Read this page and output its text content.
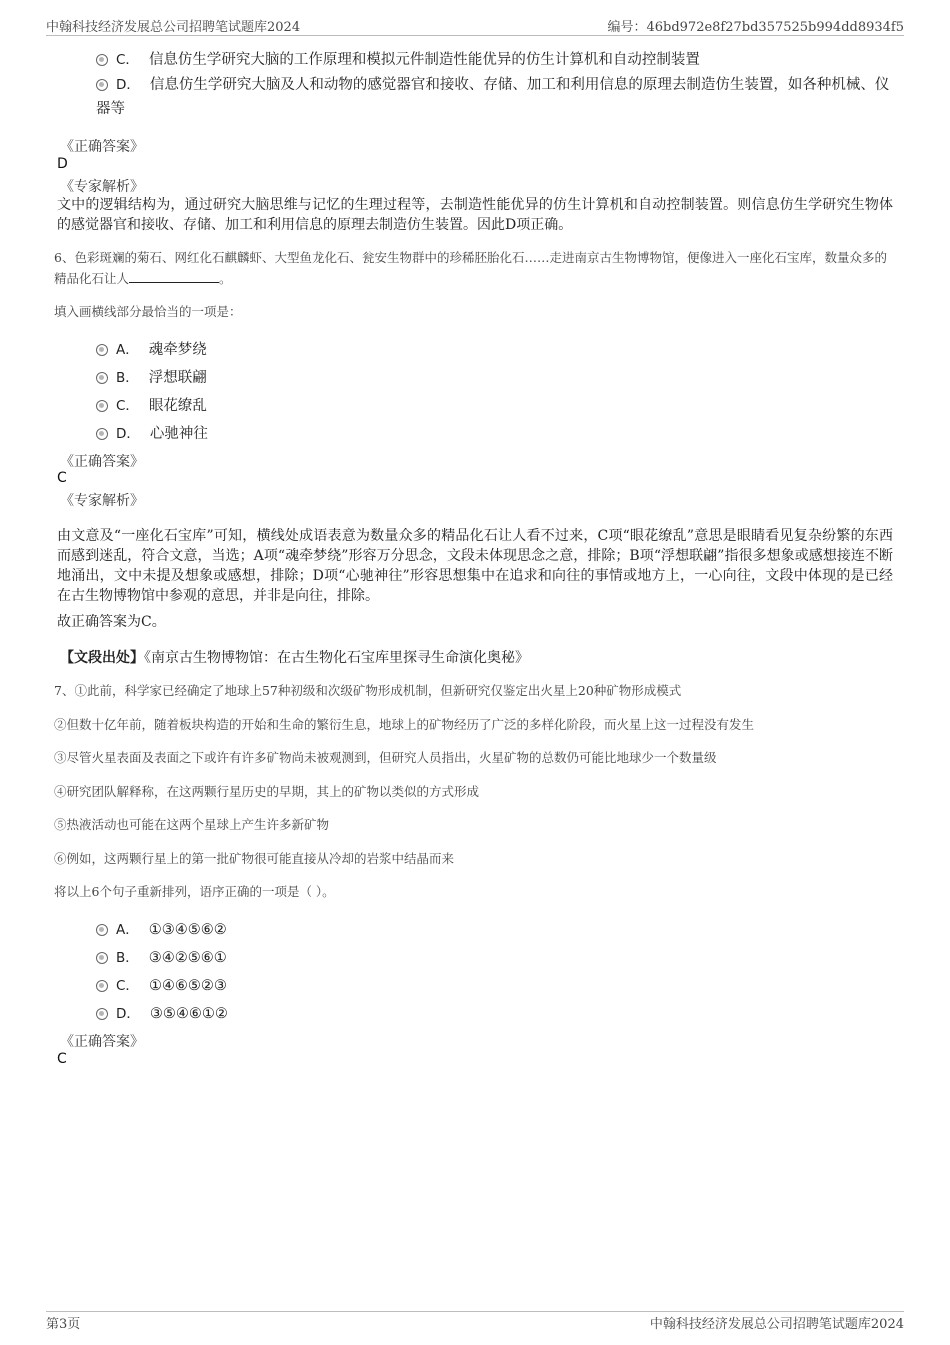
中翰科技经济发展总公司招聘笔试题库2024	编号：46bd972e8f27bd357525b994dd8934f5
C． 信息仿生学研究大脑的工作原理和模拟元件制造性能优异的仿生计算机和自动控制装置
D． 信息仿生学研究大脑及人和动物的感觉器官和接收、存储、加工和利用信息的原理去制造仿生装置，如各种机械、仪器等
《正确答案》
D
《专家解析》
文中的逻辑结构为，通过研究大脑思维与记忆的生理过程等，去制造性能优异的仿生计算机和自动控制装置。则信息仿生学研究生物体的感觉器官和接收、存储、加工和利用信息的原理去制造仿生装置。因此D项正确。
6、色彩斑斓的菊石、网红化石麒麟虾、大型鱼龙化石、瓮安生物群中的珍稀胚胎化石……走进南京古生物博物馆，便像进入一座化石宝库，数量众多的精品化石让人	。
填入画横线部分最恰当的一项是：
A． 魂牵梦绕
B． 浮想联翩
C． 眼花缭乱
D． 心驰神往
《正确答案》
C
《专家解析》
由文意及“一座化石宝库”可知，横线处成语表意为数量众多的精品化石让人看不过来，C项“眼花缭乱”意思是眼睛看见复杂纷繁的东西而感到迷乱，符合文意，当选；A项“魂牵梦绕”形容万分思念，文段未体现思念之意，排除；B项“浮想联翩”指很多想象或感想接连不断地涌出，文中未提及想象或感想，排除；D项“心驰神往”形容思想集中在追求和向往的事情或地方上，一心向往，文段中体现的是已经在古生物博物馆中参观的意思，并非是向往，排除。
故正确答案为C。
【文段出处】《南京古生物博物馆：在古生物化石宝库里探寻生命演化奥秘》
7、①此前，科学家已经确定了地球上57种初级和次级矿物形成机制，但新研究仅鉴定出火星上20种矿物形成模式
②但数十亿年前，随着板块构造的开始和生命的繁衍生息，地球上的矿物经历了广泛的多样化阶段，而火星上这一过程没有发生
③尽管火星表面及表面之下或许有许多矿物尚未被观测到，但研究人员指出，火星矿物的总数仍可能比地球少一个数量级
④研究团队解释称，在这两颗行星历史的早期，其上的矿物以类似的方式形成
⑤热液活动也可能在这两个星球上产生许多新矿物
⑥例如，这两颗行星上的第一批矿物很可能直接从冷却的岩浆中结晶而来
将以上6个句子重新排列，语序正确的一项是（ ）。
A． ①③④⑤⑥②
B． ③④②⑤⑥①
C． ①④⑥⑤②③
D． ③⑤④⑥①②
《正确答案》
C
第3页	中翰科技经济发展总公司招聘笔试题库2024
